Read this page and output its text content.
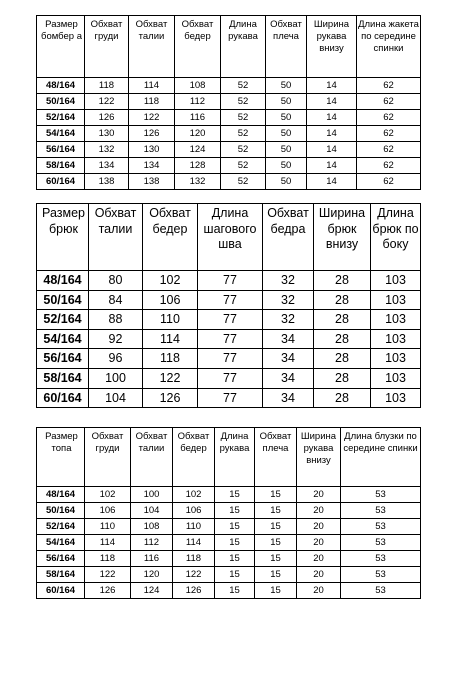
Размер бомбер а	Обхват груди	Обхват талии	Обхват бедер	Длина рукава	Обхват плеча	Ширина рукава внизу	Длина жакета по середине спинки
48/164	118	114	108	52	50	14	62
50/164	122	118	112	52	50	14	62
52/164	126	122	116	52	50	14	62
54/164	130	126	120	52	50	14	62
56/164	132	130	124	52	50	14	62
58/164	134	134	128	52	50	14	62
60/164	138	138	132	52	50	14	62
Размер брюк	Обхват талии	Обхват бедер	Длина шагового шва	Обхват бедра	Ширина брюк внизу	Длина брюк по боку
48/164	80	102	77	32	28	103
50/164	84	106	77	32	28	103
52/164	88	110	77	32	28	103
54/164	92	114	77	34	28	103
56/164	96	118	77	34	28	103
58/164	100	122	77	34	28	103
60/164	104	126	77	34	28	103
Размер топа	Обхват груди	Обхват талии	Обхват бедер	Длина рукава	Обхват плеча	Ширина рукава внизу	Длина блузки по середине спинки
48/164	102	100	102	15	15	20	53
50/164	106	104	106	15	15	20	53
52/164	110	108	110	15	15	20	53
54/164	114	112	114	15	15	20	53
56/164	118	116	118	15	15	20	53
58/164	122	120	122	15	15	20	53
60/164	126	124	126	15	15	20	53
